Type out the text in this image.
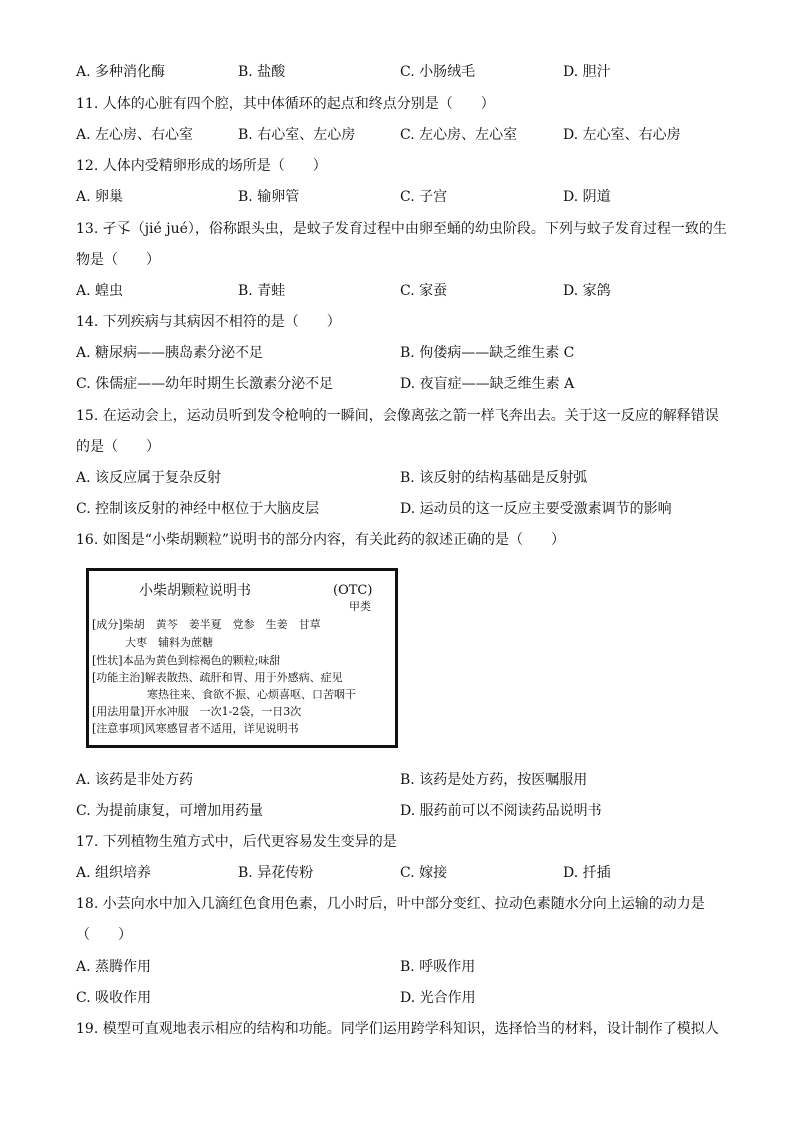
A. 多种消化酶	B. 盐酸	C. 小肠绒毛	D. 胆汁
11. 人体的心脏有四个腔，其中体循环的起点和终点分别是（　　）
A. 左心房、右心室	B. 右心室、左心房	C. 左心房、左心室	D. 左心室、右心房
12. 人体内受精卵形成的场所是（　　）
A. 卵巢	B. 输卵管	C. 子宫	D. 阴道
13. 孑孓（jié jué），俗称跟头虫，是蚊子发育过程中由卵至蛹的幼虫阶段。下列与蚊子发育过程一致的生
物是（　　）
A. 蝗虫	B. 青蛙	C. 家蚕	D. 家鸽
14. 下列疾病与其病因不相符的是（　　）
A. 糖尿病——胰岛素分泌不足	B. 佝偻病——缺乏维生素 C
C. 侏儒症——幼年时期生长激素分泌不足	D. 夜盲症——缺乏维生素 A
15. 在运动会上，运动员听到发令枪响的一瞬间，会像离弦之箭一样飞奔出去。关于这一反应的解释错误
的是（　　）
A. 该反应属于复杂反射	B. 该反射的结构基础是反射弧
C. 控制该反射的神经中枢位于大脑皮层	D. 运动员的这一反应主要受激素调节的影响
16. 如图是“小柴胡颗粒”说明书的部分内容，有关此药的叙述正确的是（　　）
小柴胡颗粒说明书	(OTC)
甲类
[成分]柴胡　黄芩　姜半夏　党参　生姜　甘草
　　　大枣　辅料为蔗糖
[性状]本品为黄色到棕褐色的颗粒;味甜
[功能主治]解表散热、疏肝和胃、用于外感病、症见
　　　　　寒热往来、食欲不振、心烦喜呕、口苦咽干
[用法用量]开水冲服　一次1-2袋，一日3次
[注意事项]风寒感冒者不适用，详见说明书
A. 该药是非处方药	B. 该药是处方药，按医嘱服用
C. 为提前康复，可增加用药量	D. 服药前可以不阅读药品说明书
17. 下列植物生殖方式中，后代更容易发生变异的是
A. 组织培养	B. 异花传粉	C. 嫁接	D. 扦插
18. 小芸向水中加入几滴红色食用色素，几小时后，叶中部分变红、拉动色素随水分向上运输的动力是
（　　）
A. 蒸腾作用	B. 呼吸作用
C. 吸收作用	D. 光合作用
19. 模型可直观地表示相应的结构和功能。同学们运用跨学科知识，选择恰当的材料，设计制作了模拟人
